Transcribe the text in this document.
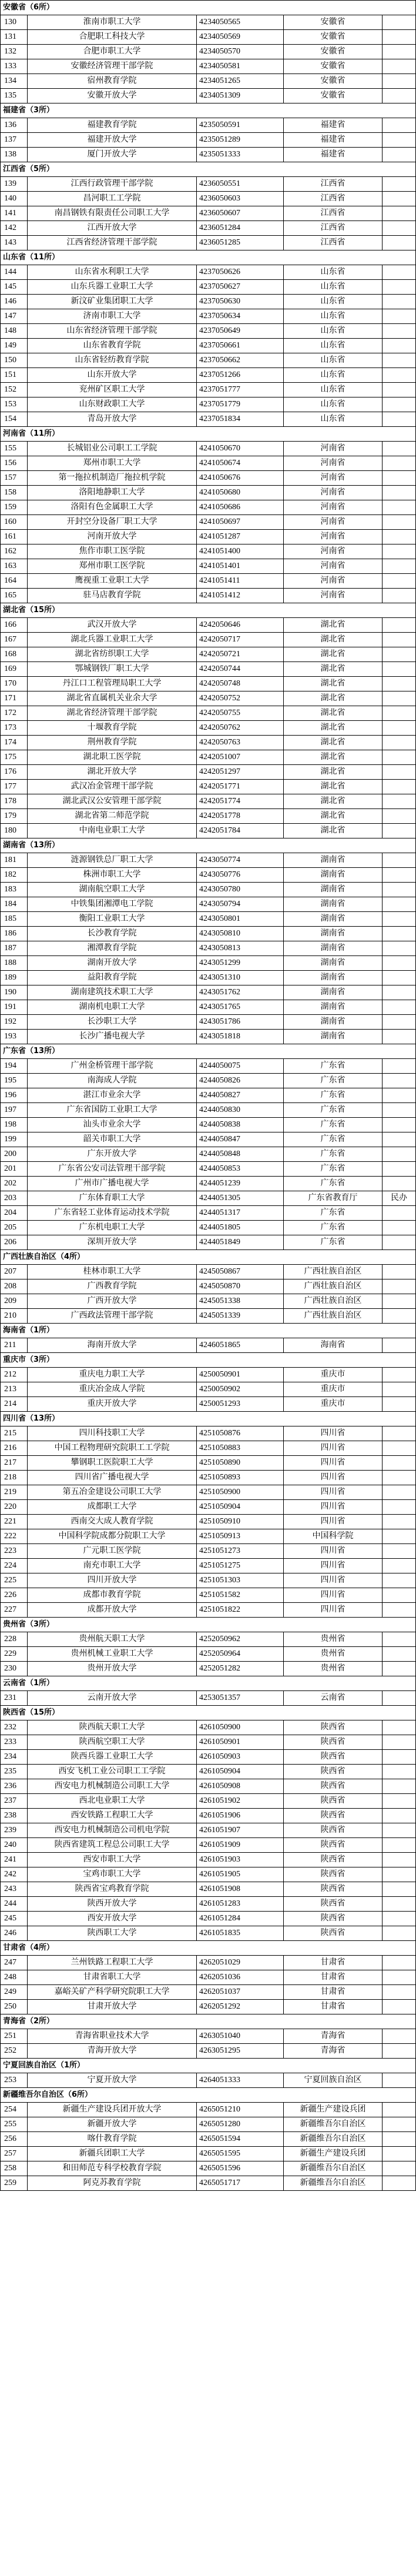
安徽省（6所）
130	淮南市职工大学	4234050565	安徽省
131	合肥职工科技大学	4234050569	安徽省
132	合肥市职工大学	4234050570	安徽省
133	安徽经济管理干部学院	4234050581	安徽省
134	宿州教育学院	4234051265	安徽省
135	安徽开放大学	4234051309	安徽省
福建省（3所）
136	福建教育学院	4235050591	福建省
137	福建开放大学	4235051289	福建省
138	厦门开放大学	4235051333	福建省
江西省（5所）
139	江西行政管理干部学院	4236050551	江西省
140	昌河职工工学院	4236050603	江西省
141	南昌钢铁有限责任公司职工大学	4236050607	江西省
142	江西开放大学	4236051284	江西省
143	江西省经济管理干部学院	4236051285	江西省
山东省（11所）
144	山东省水利职工大学	4237050626	山东省
145	山东兵器工业职工大学	4237050627	山东省
146	新汶矿业集团职工大学	4237050630	山东省
147	济南市职工大学	4237050634	山东省
148	山东省经济管理干部学院	4237050649	山东省
149	山东省教育学院	4237050661	山东省
150	山东省轻纺教育学院	4237050662	山东省
151	山东开放大学	4237051266	山东省
152	兖州矿区职工大学	4237051777	山东省
153	山东财政职工大学	4237051779	山东省
154	青岛开放大学	4237051834	山东省
河南省（11所）
155	长城铝业公司职工工学院	4241050670	河南省
156	郑州市职工大学	4241050674	河南省
157	第一拖拉机制造厂拖拉机学院	4241050676	河南省
158	洛阳地静职工大学	4241050680	河南省
159	洛阳有色金属职工大学	4241050686	河南省
160	开封空分设备厂职工大学	4241050697	河南省
161	河南开放大学	4241051287	河南省
162	焦作市职工医学院	4241051400	河南省
163	郑州市职工医学院	4241051401	河南省
164	鹰视重工业职工大学	4241051411	河南省
165	驻马店教育学院	4241051412	河南省
湖北省（15所）
166	武汉开放大学	4242050646	湖北省
167	湖北兵器工业职工大学	4242050717	湖北省
168	湖北省纺织职工大学	4242050721	湖北省
169	鄂城钢铁厂职工大学	4242050744	湖北省
170	丹江口工程管理局职工大学	4242050748	湖北省
171	湖北省直属机关业余大学	4242050752	湖北省
172	湖北省经济管理干部学院	4242050755	湖北省
173	十堰教育学院	4242050762	湖北省
174	荆州教育学院	4242050763	湖北省
175	湖北职工医学院	4242051007	湖北省
176	湖北开放大学	4242051297	湖北省
177	武汉冶金管理干部学院	4242051771	湖北省
178	湖北武汉公安管理干部学院	4242051774	湖北省
179	湖北省第二师范学院	4242051778	湖北省
180	中南电业职工大学	4242051784	湖北省
湖南省（13所）
181	涟源钢铁总厂职工大学	4243050774	湖南省
182	株洲市职工大学	4243050776	湖南省
183	湖南航空职工大学	4243050780	湖南省
184	中铁集团湘潭电工学院	4243050794	湖南省
185	衡阳工业职工大学	4243050801	湖南省
186	长沙教育学院	4243050810	湖南省
187	湘潭教育学院	4243050813	湖南省
188	湖南开放大学	4243051299	湖南省
189	益阳教育学院	4243051310	湖南省
190	湖南建筑技术职工大学	4243051762	湖南省
191	湖南机电职工大学	4243051765	湖南省
192	长沙职工大学	4243051786	湖南省
193	长沙广播电视大学	4243051818	湖南省
广东省（13所）
194	广州金桥管理干部学院	4244050075	广东省
195	南海成人学院	4244050826	广东省
196	湛江市业余大学	4244050827	广东省
197	广东省国防工业职工大学	4244050830	广东省
198	汕头市业余大学	4244050838	广东省
199	韶关市职工大学	4244050847	广东省
200	广东开放大学	4244050848	广东省
201	广东省公安司法管理干部学院	4244050853	广东省
202	广州市广播电视大学	4244051239	广东省
203	广东体育职工大学	4244051305	广东省教育厅	民办
204	广东省轻工业体育运动技术学院	4244051317	广东省
205	广东机电职工大学	4244051805	广东省
206	深圳开放大学	4244051849	广东省
广西壮族自治区（4所）
207	桂林市职工大学	4245050867	广西壮族自治区
208	广西教育学院	4245050870	广西壮族自治区
209	广西开放大学	4245051338	广西壮族自治区
210	广西政法管理干部学院	4245051339	广西壮族自治区
海南省（1所）
211	海南开放大学	4246051865	海南省
重庆市（3所）
212	重庆电力职工大学	4250050901	重庆市
213	重庆冶金成人学院	4250050902	重庆市
214	重庆开放大学	4250051293	重庆市
四川省（13所）
215	四川科技职工大学	4251050876	四川省
216	中国工程物理研究院职工工学院	4251050883	四川省
217	攀钢职工医院职工大学	4251050890	四川省
218	四川省广播电视大学	4251050893	四川省
219	第五冶金建设公司职工大学	4251050900	四川省
220	成都职工大学	4251050904	四川省
221	西南交大成人教育学院	4251050910	四川省
222	中国科学院成都分院职工大学	4251050913	中国科学院
223	广元职工医学院	4251051273	四川省
224	南充市职工大学	4251051275	四川省
225	四川开放大学	4251051303	四川省
226	成都市教育学院	4251051582	四川省
227	成都开放大学	4251051822	四川省
贵州省（3所）
228	贵州航天职工大学	4252050962	贵州省
229	贵州机械工业职工大学	4252050964	贵州省
230	贵州开放大学	4252051282	贵州省
云南省（1所）
231	云南开放大学	4253051357	云南省
陕西省（15所）
232	陕西航天职工大学	4261050900	陕西省
233	陕西航空职工大学	4261050901	陕西省
234	陕西兵器工业职工大学	4261050903	陕西省
235	西安飞机工业公司职工工学院	4261050904	陕西省
236	西安电力机械制造公司职工大学	4261050908	陕西省
237	西北电业职工大学	4261051902	陕西省
238	西安铁路工程职工大学	4261051906	陕西省
239	西安电力机械制造公司机电学院	4261051907	陕西省
240	陕西省建筑工程总公司职工大学	4261051909	陕西省
241	西安市职工大学	4261051903	陕西省
242	宝鸡市职工大学	4261051905	陕西省
243	陕西省宝鸡教育学院	4261051908	陕西省
244	陕西开放大学	4261051283	陕西省
245	西安开放大学	4261051284	陕西省
246	陕西职工大学	4261051835	陕西省
甘肃省（4所）
247	兰州铁路工程职工大学	4262051029	甘肃省
248	甘肃省职工大学	4262051036	甘肃省
249	嘉峪关矿产科学研究院职工大学	4262051037	甘肃省
250	甘肃开放大学	4262051292	甘肃省
青海省（2所）
251	青海省职业技术大学	4263051040	青海省
252	青海开放大学	4263051295	青海省
宁夏回族自治区（1所）
253	宁夏开放大学	4264051333	宁夏回族自治区
新疆维吾尔自治区（6所）
254	新疆生产建设兵团开放大学	4265051210	新疆生产建设兵团
255	新疆开放大学	4265051280	新疆维吾尔自治区
256	喀什教育学院	4265051594	新疆维吾尔自治区
257	新疆兵团职工大学	4265051595	新疆生产建设兵团
258	和田师范专科学校教育学院	4265051596	新疆维吾尔自治区
259	阿克苏教育学院	4265051717	新疆维吾尔自治区
